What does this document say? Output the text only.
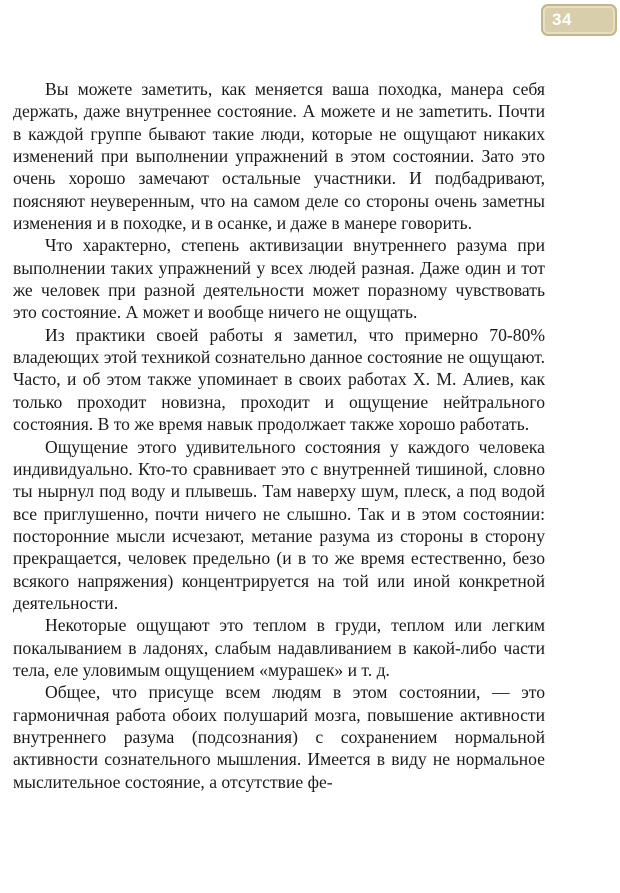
34

Вы можете заметить, как меняется ваша походка, манера себя держать, даже внутреннее состояние. А можете и не заmетить. Почти в каждой группе бывают такие люди, которые не ощущают никаких изменений при выполнении упражнений в этом состоянии. Зато это очень хорошо замечают остальные участники. И подбадривают, поясняют неуверенным, что на самом деле со стороны очень заметны изменения и в походке, и в осанке, и даже в манере говорить.

Что характерно, степень активизации внутреннего разума при выполнении таких упражнений у всех людей разная. Даже один и тот же человек при разной деятельности может поразному чувствовать это состояние. А может и вообще ничего не ощущать.

Из практики своей работы я заметил, что примерно 70-80% владеющих этой техникой сознательно данное состояние не ощущают. Часто, и об этом также упоминает в своих работах Х. М. Алиев, как только проходит новизна, проходит и ощущение нейтрального состояния. В то же время навык продолжает также хорошо работать.

Ощущение этого удивительного состояния у каждого человека индивидуально. Кто-то сравнивает это с внутренней тишиной, словно ты нырнул под воду и плывешь. Там наверху шум, плеск, а под водой все приглушенно, почти ничего не слышно. Так и в этом состоянии: посторонние мысли исчезают, метание разума из стороны в сторону прекращается, человек предельно (и в то же время естественно, безо всякого напряжения) концентрируется на той или иной конкретной деятельности.

Некоторые ощущают это теплом в груди, теплом или легким покалыванием в ладонях, слабым надавливанием в какой-либо части тела, еле уловимым ощущением «мурашек» и т. д.

Общее, что присуще всем людям в этом состоянии, — это гармоничная работа обоих полушарий мозга, повышение активности внутреннего разума (подсознания) с сохранением нормальной активности сознательного мышления. Имеется в виду не нормальное мыслительное состояние, а отсутствие фе-
